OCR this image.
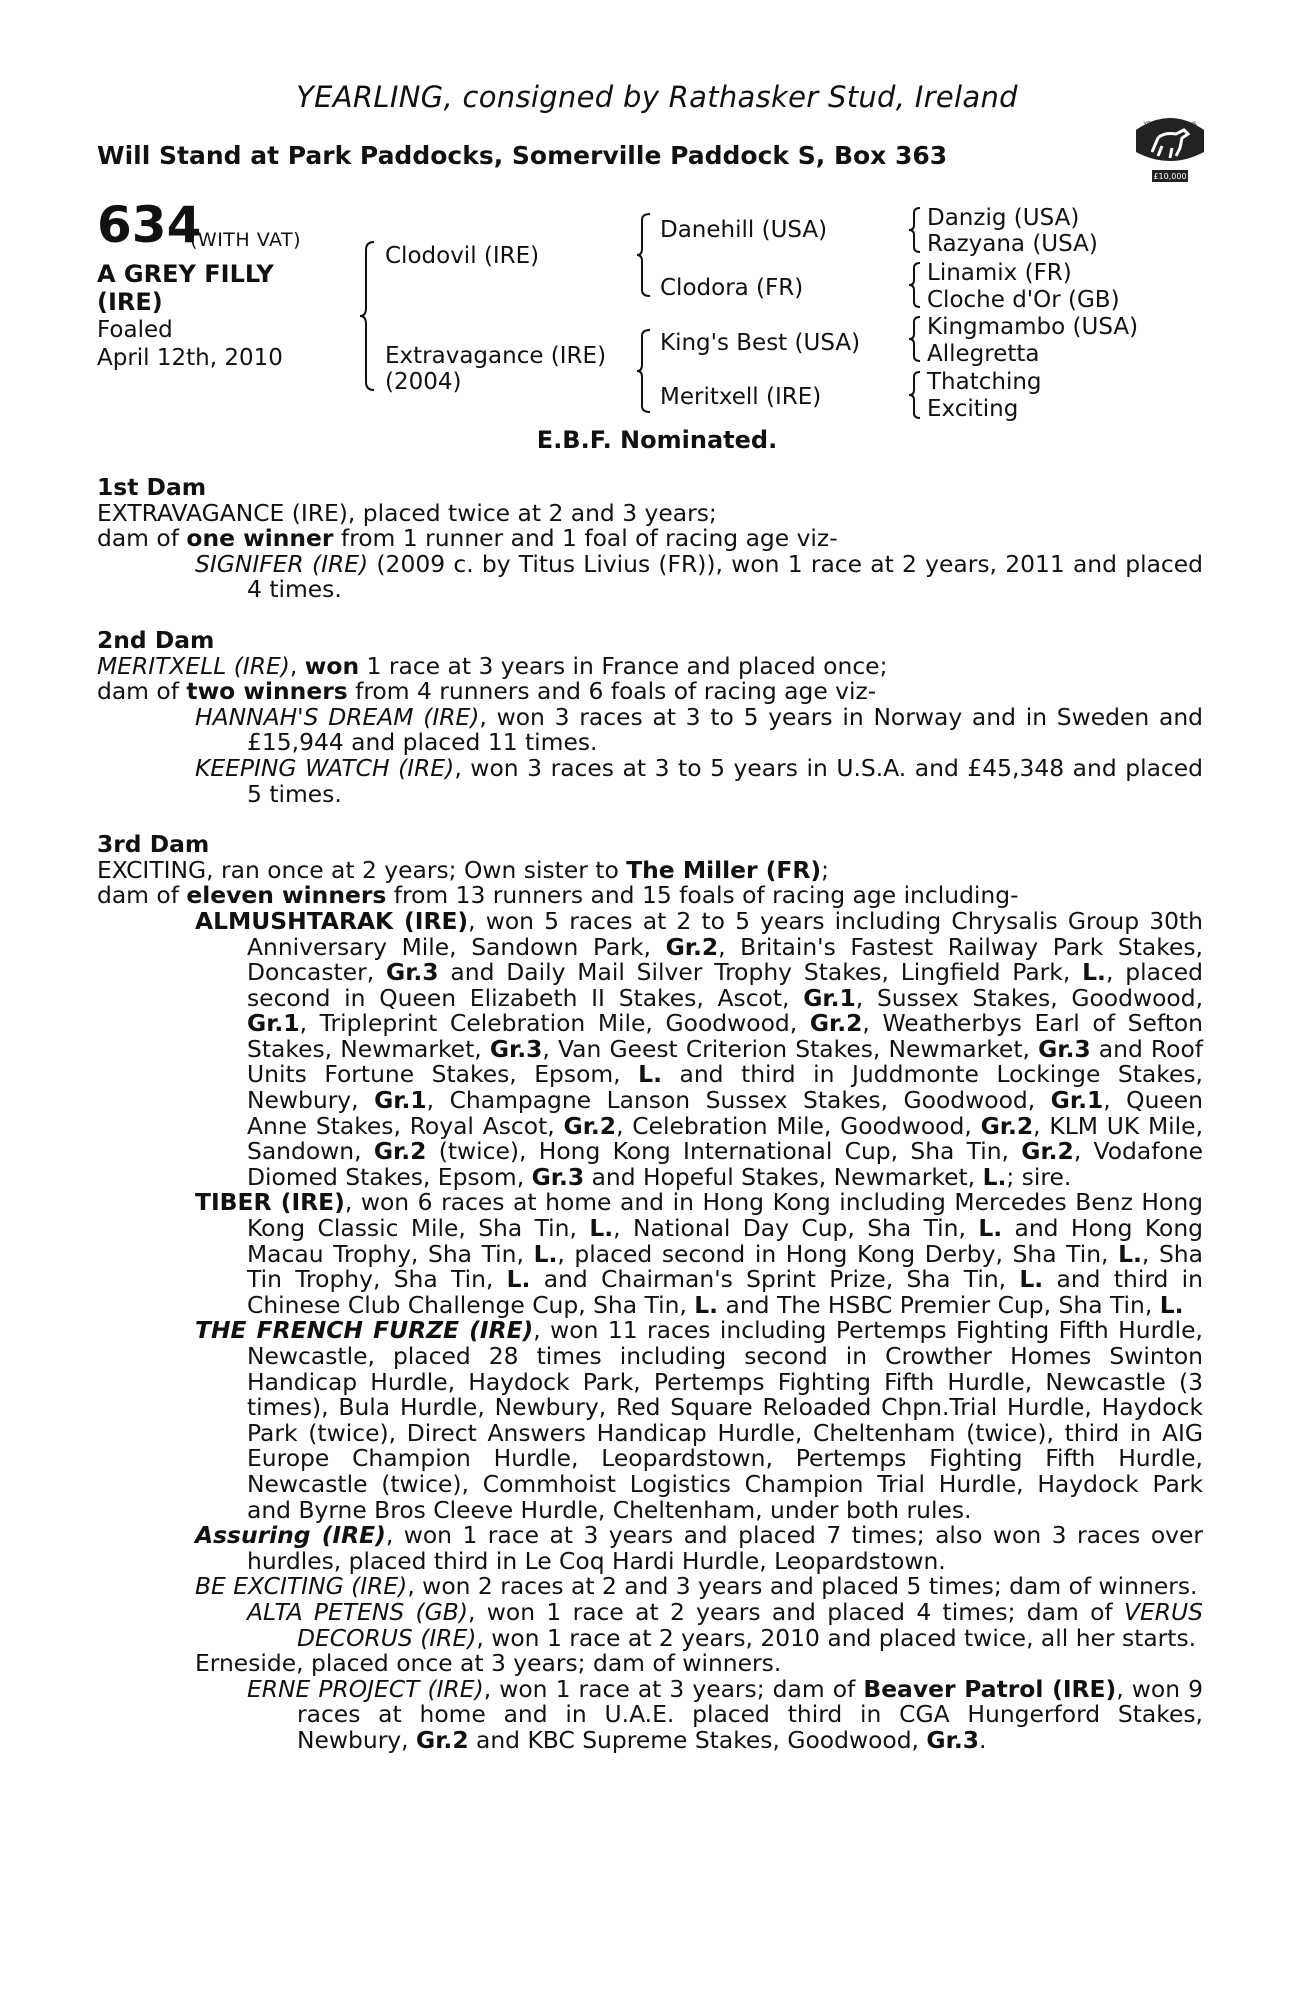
YEARLING, consigned by Rathasker Stud, Ireland
Will Stand at Park Paddocks, Somerville Paddock S, Box 363
YEARLING BONUS
£10,000
634
(WITH VAT)
A GREY FILLY
(IRE)
Foaled
April 12th, 2010
Clodovil (IRE)
Extravagance (IRE)
(2004)
Danehill (USA)
Clodora (FR)
King's Best (USA)
Meritxell (IRE)
Danzig (USA)
Razyana (USA)
Linamix (FR)
Cloche d'Or (GB)
Kingmambo (USA)
Allegretta
Thatching
Exciting
E.B.F. Nominated.

1st Dam

EXTRAVAGANCE (IRE), placed twice at 2 and 3 years;

dam of one winner from 1 runner and 1 foal of racing age viz-

SIGNIFER (IRE) (2009 c. by Titus Livius (FR)), won 1 race at 2 years, 2011 and placed 4 times.

2nd Dam

MERITXELL (IRE), won 1 race at 3 years in France and placed once;

dam of two winners from 4 runners and 6 foals of racing age viz-

HANNAH'S DREAM (IRE), won 3 races at 3 to 5 years in Norway and in Sweden and £15,944 and placed 11 times.

KEEPING WATCH (IRE), won 3 races at 3 to 5 years in U.S.A. and £45,348 and placed 5 times.

3rd Dam

EXCITING, ran once at 2 years; Own sister to The Miller (FR);

dam of eleven winners from 13 runners and 15 foals of racing age including-

ALMUSHTARAK (IRE), won 5 races at 2 to 5 years including Chrysalis Group 30th Anniversary Mile, Sandown Park, Gr.2, Britain's Fastest Railway Park Stakes, Doncaster, Gr.3 and Daily Mail Silver Trophy Stakes, Lingfield Park, L., placed second in Queen Elizabeth II Stakes, Ascot, Gr.1, Sussex Stakes, Goodwood, Gr.1, Tripleprint Celebration Mile, Goodwood, Gr.2, Weatherbys Earl of Sefton Stakes, Newmarket, Gr.3, Van Geest Criterion Stakes, Newmarket, Gr.3 and Roof Units Fortune Stakes, Epsom, L. and third in Juddmonte Lockinge Stakes, Newbury, Gr.1, Champagne Lanson Sussex Stakes, Goodwood, Gr.1, Queen Anne Stakes, Royal Ascot, Gr.2, Celebration Mile, Goodwood, Gr.2, KLM UK Mile, Sandown, Gr.2 (twice), Hong Kong International Cup, Sha Tin, Gr.2, Vodafone Diomed Stakes, Epsom, Gr.3 and Hopeful Stakes, Newmarket, L.; sire.

TIBER (IRE), won 6 races at home and in Hong Kong including Mercedes Benz Hong Kong Classic Mile, Sha Tin, L., National Day Cup, Sha Tin, L. and Hong Kong Macau Trophy, Sha Tin, L., placed second in Hong Kong Derby, Sha Tin, L., Sha Tin Trophy, Sha Tin, L. and Chairman's Sprint Prize, Sha Tin, L. and third in Chinese Club Challenge Cup, Sha Tin, L. and The HSBC Premier Cup, Sha Tin, L.

THE FRENCH FURZE (IRE), won 11 races including Pertemps Fighting Fifth Hurdle, Newcastle, placed 28 times including second in Crowther Homes Swinton Handicap Hurdle, Haydock Park, Pertemps Fighting Fifth Hurdle, Newcastle (3 times), Bula Hurdle, Newbury, Red Square Reloaded Chpn.Trial Hurdle, Haydock Park (twice), Direct Answers Handicap Hurdle, Cheltenham (twice), third in AIG Europe Champion Hurdle, Leopardstown, Pertemps Fighting Fifth Hurdle, Newcastle (twice), Commhoist Logistics Champion Trial Hurdle, Haydock Park and Byrne Bros Cleeve Hurdle, Cheltenham, under both rules.

Assuring (IRE), won 1 race at 3 years and placed 7 times; also won 3 races over hurdles, placed third in Le Coq Hardi Hurdle, Leopardstown.

BE EXCITING (IRE), won 2 races at 2 and 3 years and placed 5 times; dam of winners.

ALTA PETENS (GB), won 1 race at 2 years and placed 4 times; dam of VERUS DECORUS (IRE), won 1 race at 2 years, 2010 and placed twice, all her starts.

Erneside, placed once at 3 years; dam of winners.

ERNE PROJECT (IRE), won 1 race at 3 years; dam of Beaver Patrol (IRE), won 9 races at home and in U.A.E. placed third in CGA Hungerford Stakes, Newbury, Gr.2 and KBC Supreme Stakes, Goodwood, Gr.3.
